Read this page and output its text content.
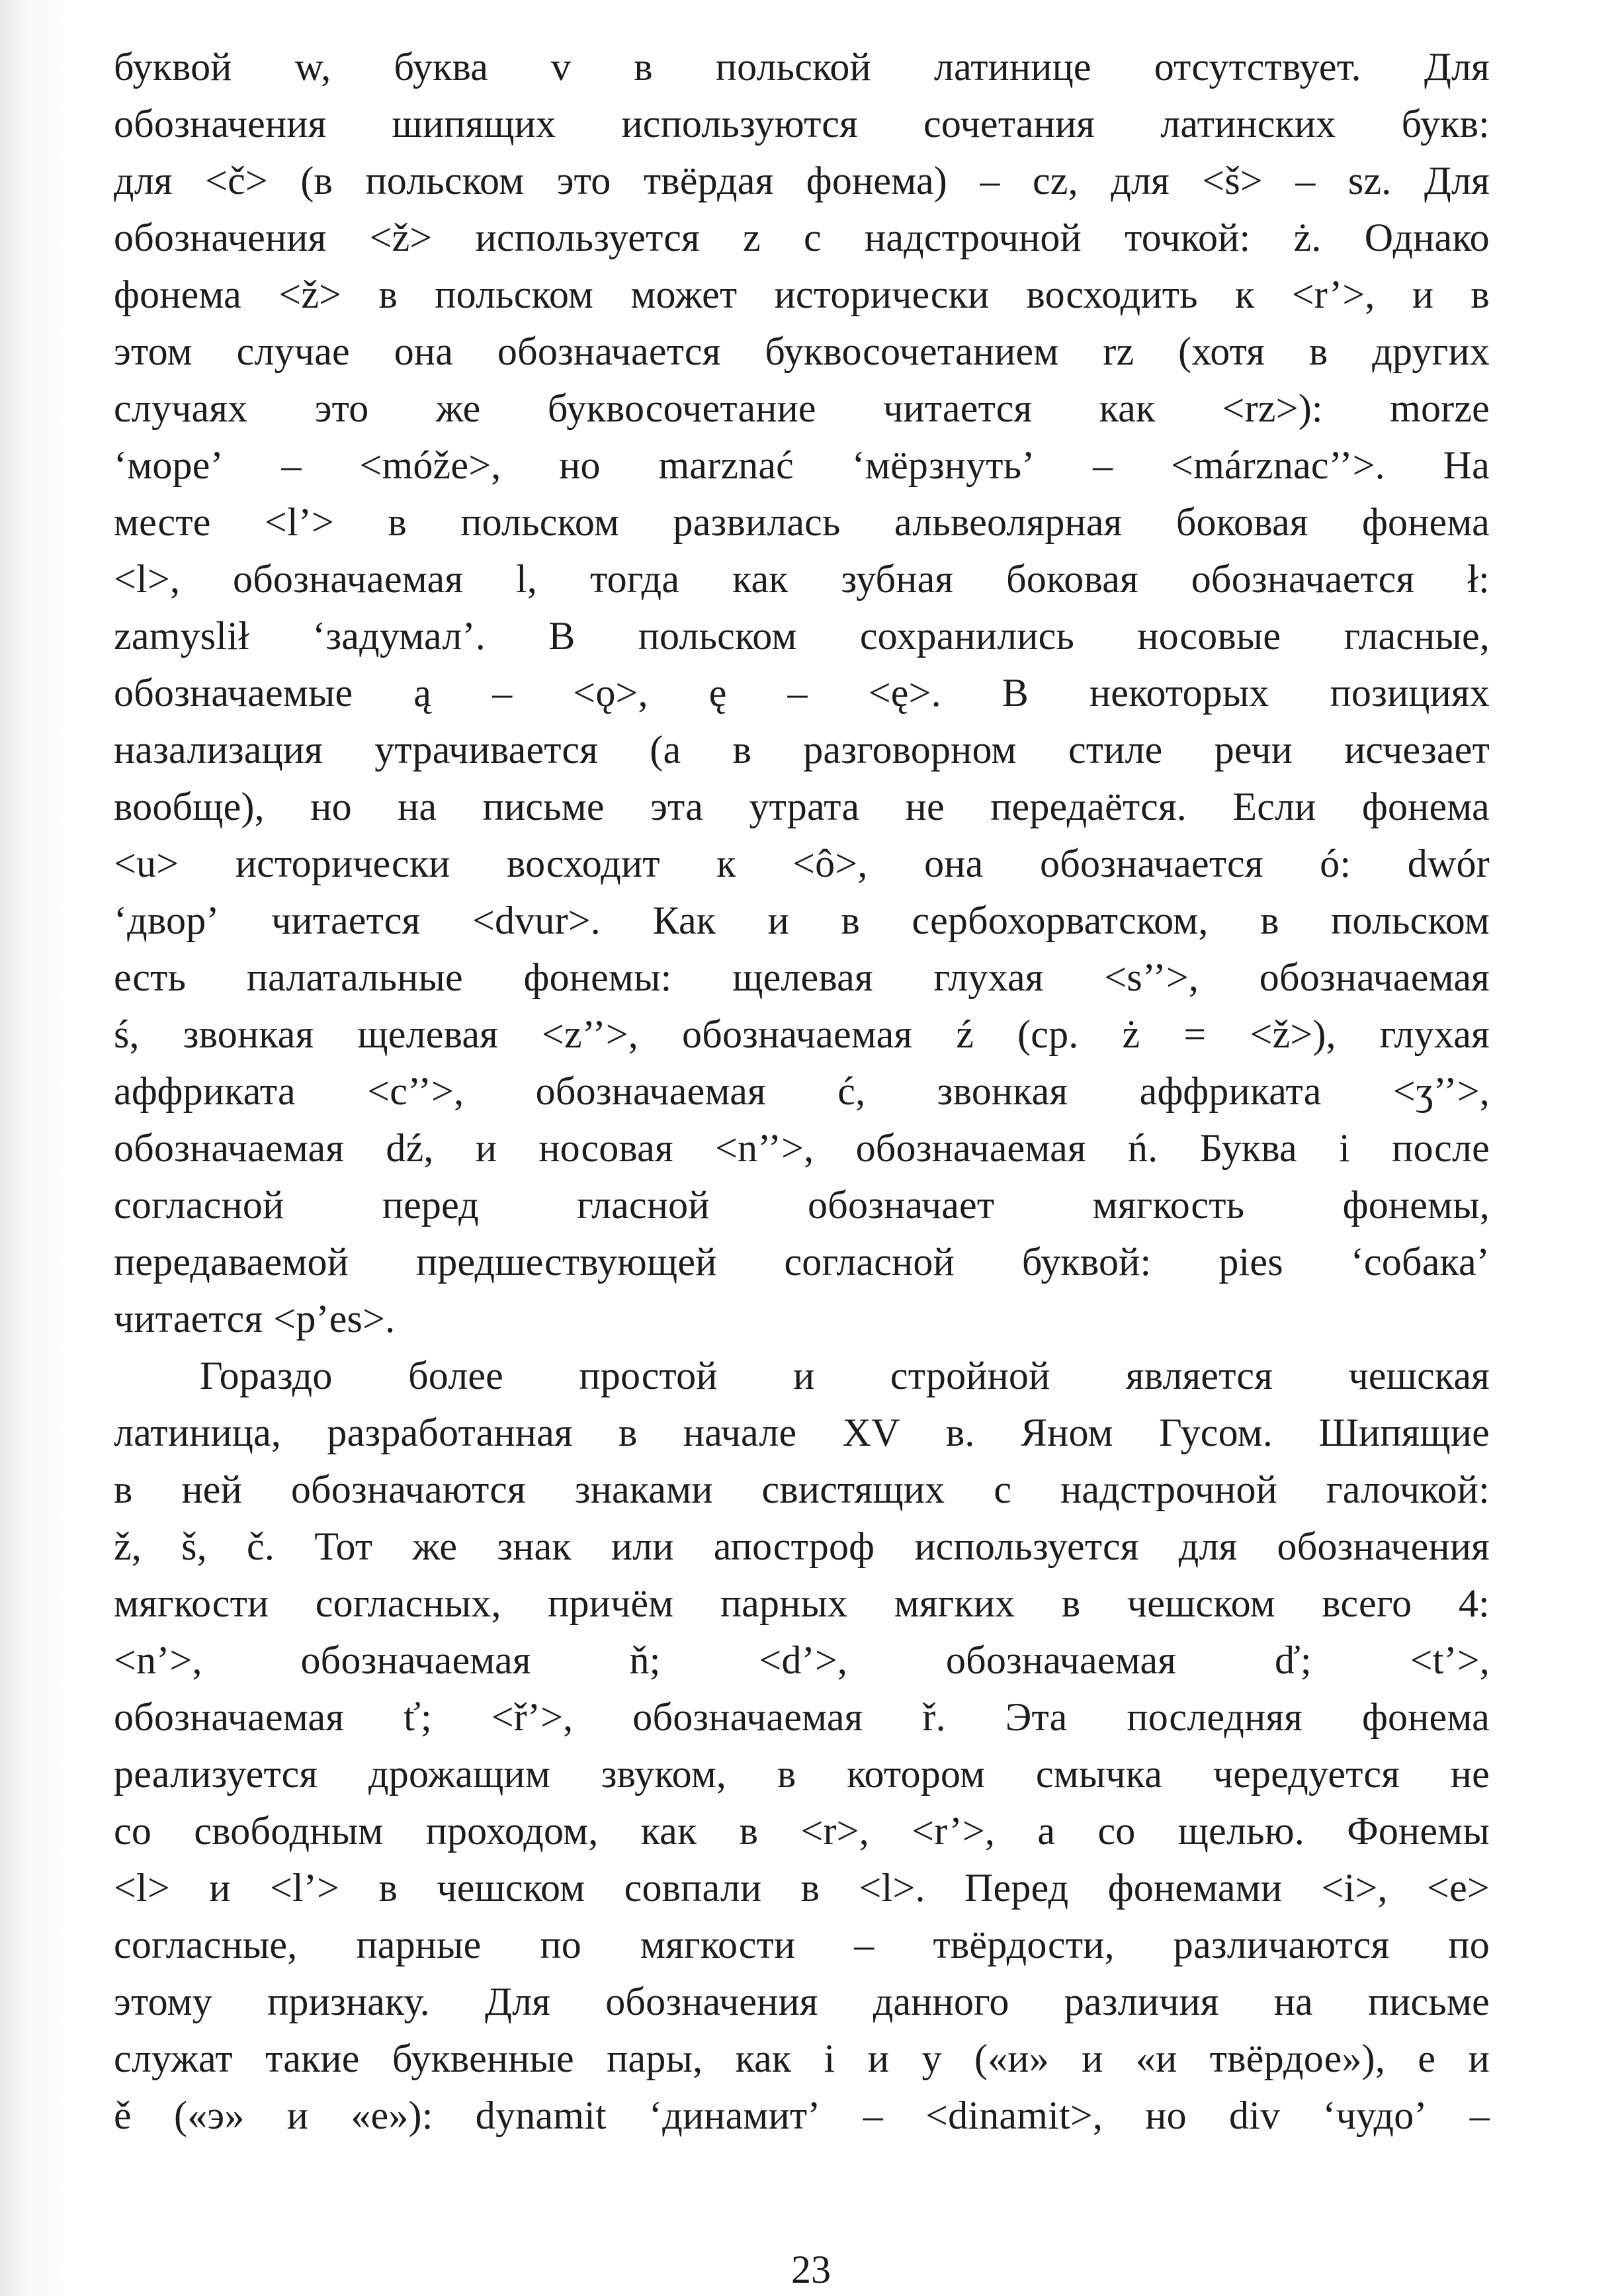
буквой w, буква v в польской латинице отсутствует. Для
обозначения шипящих используются сочетания латинских букв:
для <č> (в польском это твёрдая фонема) – cz, для <š> – sz. Для
обозначения <ž> используется z с надстрочной точкой: ż. Однако
фонема <ž> в польском может исторически восходить к <r’>, и в
этом случае она обозначается буквосочетанием rz (хотя в других
случаях это же буквосочетание читается как <rz>): morze
‘море’ – <móže>, но marznać ‘мёрзнуть’ – <márznac’’>. На
месте <l’> в польском развилась альвеолярная боковая фонема
<l>, обозначаемая l, тогда как зубная боковая обозначается ł:
zamyslił ‘задумал’. В польском сохранились носовые гласные,
обозначаемые ą – <ǫ>, ę – <ę>. В некоторых позициях
назализация утрачивается (а в разговорном стиле речи исчезает
вообще), но на письме эта утрата не передаётся. Если фонема
<u> исторически восходит к <ô>, она обозначается ó: dwór
‘двор’ читается <dvur>. Как и в сербохорватском, в польском
есть палатальные фонемы: щелевая глухая <s’’>, обозначаемая
ś, звонкая щелевая <z’’>, обозначаемая ź (ср. ż = <ž>), глухая
аффриката <c’’>, обозначаемая ć, звонкая аффриката <ʒ’’>,
обозначаемая dź, и носовая <n’’>, обозначаемая ń. Буква i после
согласной перед гласной обозначает мягкость фонемы,
передаваемой предшествующей согласной буквой: pies ‘собака’
читается <p’es>.
Гораздо более простой и стройной является чешская
латиница, разработанная в начале XV в. Яном Гусом. Шипящие
в ней обозначаются знаками свистящих с надстрочной галочкой:
ž, š, č. Тот же знак или апостроф используется для обозначения
мягкости согласных, причём парных мягких в чешском всего 4:
<n’>, обозначаемая ň; <d’>, обозначаемая ď; <t’>,
обозначаемая ť; <ř’>, обозначаемая ř. Эта последняя фонема
реализуется дрожащим звуком, в котором смычка чередуется не
со свободным проходом, как в <r>, <r’>, а со щелью. Фонемы
<l> и <l’> в чешском совпали в <l>. Перед фонемами <i>, <e>
согласные, парные по мягкости – твёрдости, различаются по
этому признаку. Для обозначения данного различия на письме
служат такие буквенные пары, как i и y («и» и «и твёрдое»), e и
ě («э» и «е»): dynamit ‘динамит’ – <dinamit>, но div ‘чудо’ –
23
